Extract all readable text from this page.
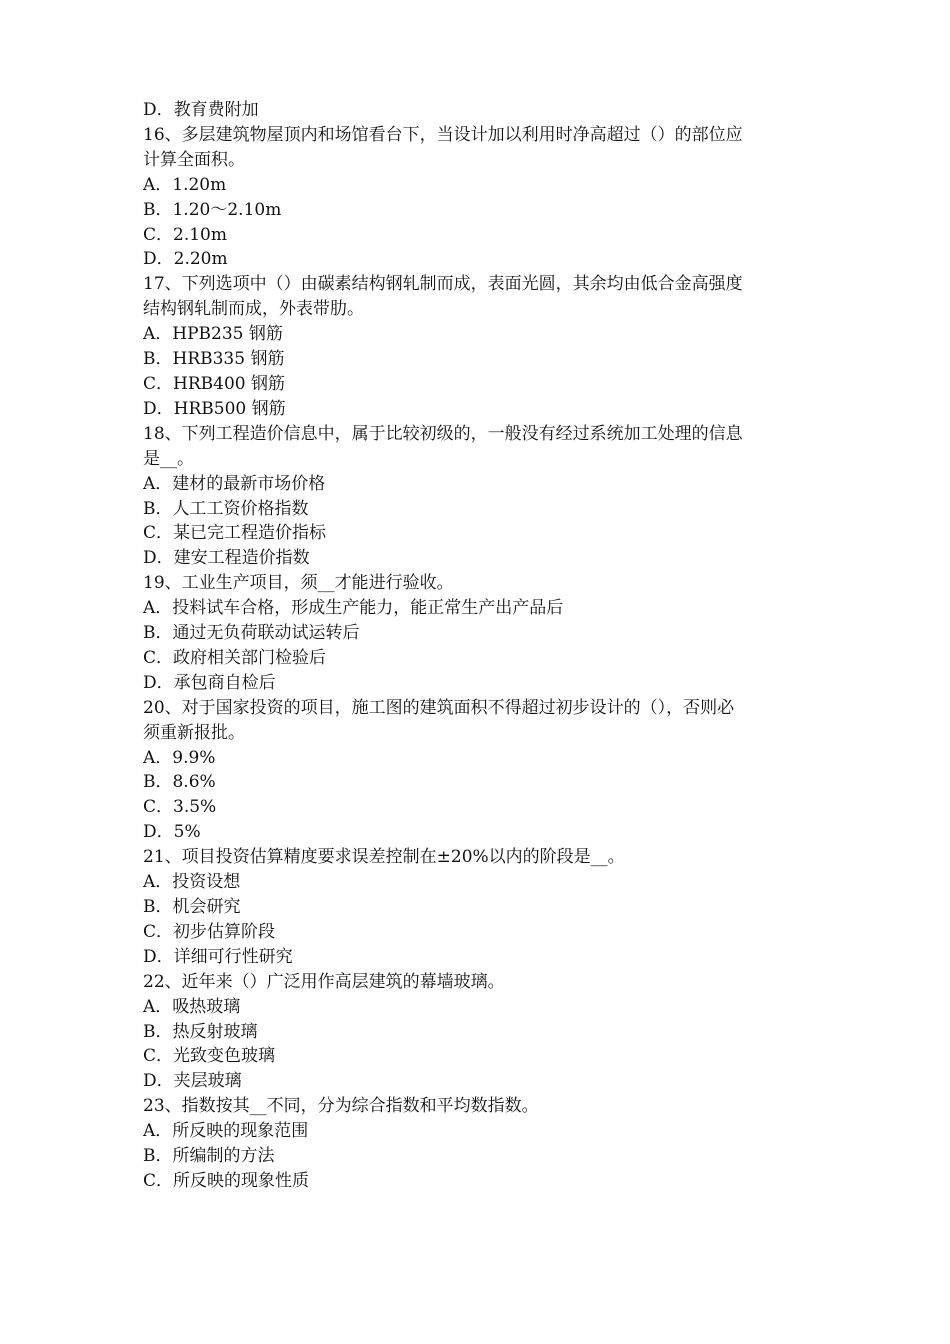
D．教育费附加
16、多层建筑物屋顶内和场馆看台下，当设计加以利用时净高超过（）的部位应
计算全面积。
A．1.20m
B．1.20～2.10m
C．2.10m
D．2.20m
17、下列选项中（）由碳素结构钢轧制而成，表面光圆，其余均由低合金高强度
结构钢轧制而成，外表带肋。
A．HPB235 钢筋
B．HRB335 钢筋
C．HRB400 钢筋
D．HRB500 钢筋
18、下列工程造价信息中，属于比较初级的，一般没有经过系统加工处理的信息
是__。
A．建材的最新市场价格
B．人工工资价格指数
C．某已完工程造价指标
D．建安工程造价指数
19、工业生产项目，须__才能进行验收。
A．投料试车合格，形成生产能力，能正常生产出产品后
B．通过无负荷联动试运转后
C．政府相关部门检验后
D．承包商自检后
20、对于国家投资的项目，施工图的建筑面积不得超过初步设计的（），否则必
须重新报批。
A．9.9%
B．8.6%
C．3.5%
D．5%
21、项目投资估算精度要求误差控制在±20%以内的阶段是__。
A．投资设想
B．机会研究
C．初步估算阶段
D．详细可行性研究
22、近年来（）广泛用作高层建筑的幕墙玻璃。
A．吸热玻璃
B．热反射玻璃
C．光致变色玻璃
D．夹层玻璃
23、指数按其__不同，分为综合指数和平均数指数。
A．所反映的现象范围
B．所编制的方法
C．所反映的现象性质
